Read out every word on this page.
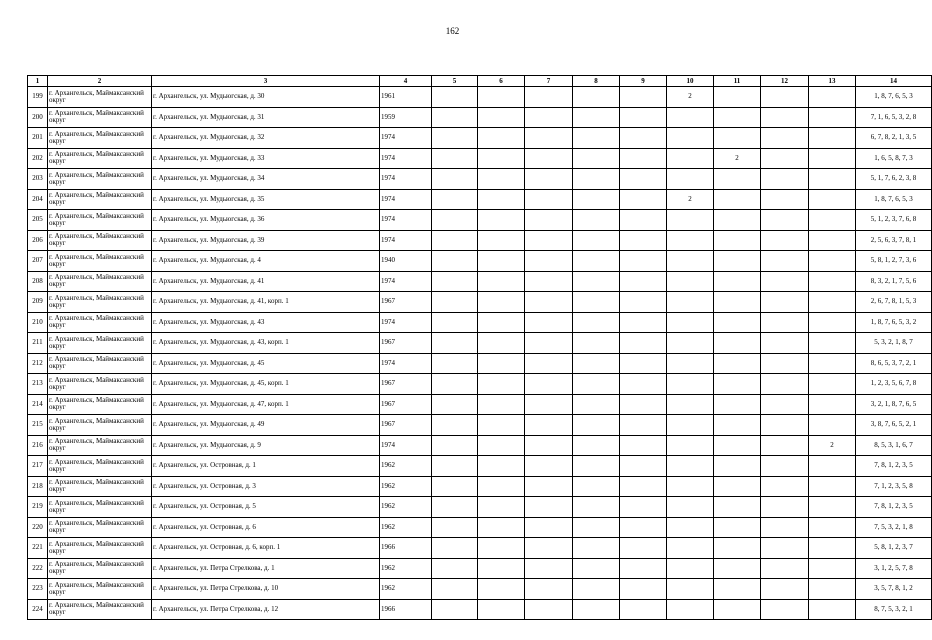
162
1	2	3	4	5	6	7	8	9	10	11	12	13	14
199	г. Архангельск, Маймаксанский округ	г. Архангельск, ул. Мудьюгская, д. 30	1961						2				1, 8, 7, 6, 5, 3
200	г. Архангельск, Маймаксанский округ	г. Архангельск, ул. Мудьюгская, д. 31	1959										7, 1, 6, 5, 3, 2, 8
201	г. Архангельск, Маймаксанский округ	г. Архангельск, ул. Мудьюгская, д. 32	1974										6, 7, 8, 2, 1, 3, 5
202	г. Архангельск, Маймаксанский округ	г. Архангельск, ул. Мудьюгская, д. 33	1974							2			1, 6, 5, 8, 7, 3
203	г. Архангельск, Маймаксанский округ	г. Архангельск, ул. Мудьюгская, д. 34	1974										5, 1, 7, 6, 2, 3, 8
204	г. Архангельск, Маймаксанский округ	г. Архангельск, ул. Мудьюгская, д. 35	1974						2				1, 8, 7, 6, 5, 3
205	г. Архангельск, Маймаксанский округ	г. Архангельск, ул. Мудьюгская, д. 36	1974										5, 1, 2, 3, 7, 6, 8
206	г. Архангельск, Маймаксанский округ	г. Архангельск, ул. Мудьюгская, д. 39	1974										2, 5, 6, 3, 7, 8, 1
207	г. Архангельск, Маймаксанский округ	г. Архангельск, ул. Мудьюгская, д. 4	1940										5, 8, 1, 2, 7, 3, 6
208	г. Архангельск, Маймаксанский округ	г. Архангельск, ул. Мудьюгская, д. 41	1974										8, 3, 2, 1, 7, 5, 6
209	г. Архангельск, Маймаксанский округ	г. Архангельск, ул. Мудьюгская, д. 41, корп. 1	1967										2, 6, 7, 8, 1, 5, 3
210	г. Архангельск, Маймаксанский округ	г. Архангельск, ул. Мудьюгская, д. 43	1974										1, 8, 7, 6, 5, 3, 2
211	г. Архангельск, Маймаксанский округ	г. Архангельск, ул. Мудьюгская, д. 43, корп. 1	1967										5, 3, 2, 1, 8, 7
212	г. Архангельск, Маймаксанский округ	г. Архангельск, ул. Мудьюгская, д. 45	1974										8, 6, 5, 3, 7, 2, 1
213	г. Архангельск, Маймаксанский округ	г. Архангельск, ул. Мудьюгская, д. 45, корп. 1	1967										1, 2, 3, 5, 6, 7, 8
214	г. Архангельск, Маймаксанский округ	г. Архангельск, ул. Мудьюгская, д. 47, корп. 1	1967										3, 2, 1, 8, 7, 6, 5
215	г. Архангельск, Маймаксанский округ	г. Архангельск, ул. Мудьюгская, д. 49	1967										3, 8, 7, 6, 5, 2, 1
216	г. Архангельск, Маймаксанский округ	г. Архангельск, ул. Мудьюгская, д. 9	1974									2	8, 5, 3, 1, 6, 7
217	г. Архангельск, Маймаксанский округ	г. Архангельск, ул. Островная, д. 1	1962										7, 8, 1, 2, 3, 5
218	г. Архангельск, Маймаксанский округ	г. Архангельск, ул. Островная, д. 3	1962										7, 1, 2, 3, 5, 8
219	г. Архангельск, Маймаксанский округ	г. Архангельск, ул. Островная, д. 5	1962										7, 8, 1, 2, 3, 5
220	г. Архангельск, Маймаксанский округ	г. Архангельск, ул. Островная, д. 6	1962										7, 5, 3, 2, 1, 8
221	г. Архангельск, Маймаксанский округ	г. Архангельск, ул. Островная, д. 6, корп. 1	1966										5, 8, 1, 2, 3, 7
222	г. Архангельск, Маймаксанский округ	г. Архангельск, ул. Петра Стрелкова, д. 1	1962										3, 1, 2, 5, 7, 8
223	г. Архангельск, Маймаксанский округ	г. Архангельск, ул. Петра Стрелкова, д. 10	1962										3, 5, 7, 8, 1, 2
224	г. Архангельск, Маймаксанский округ	г. Архангельск, ул. Петра Стрелкова, д. 12	1966										8, 7, 5, 3, 2, 1
